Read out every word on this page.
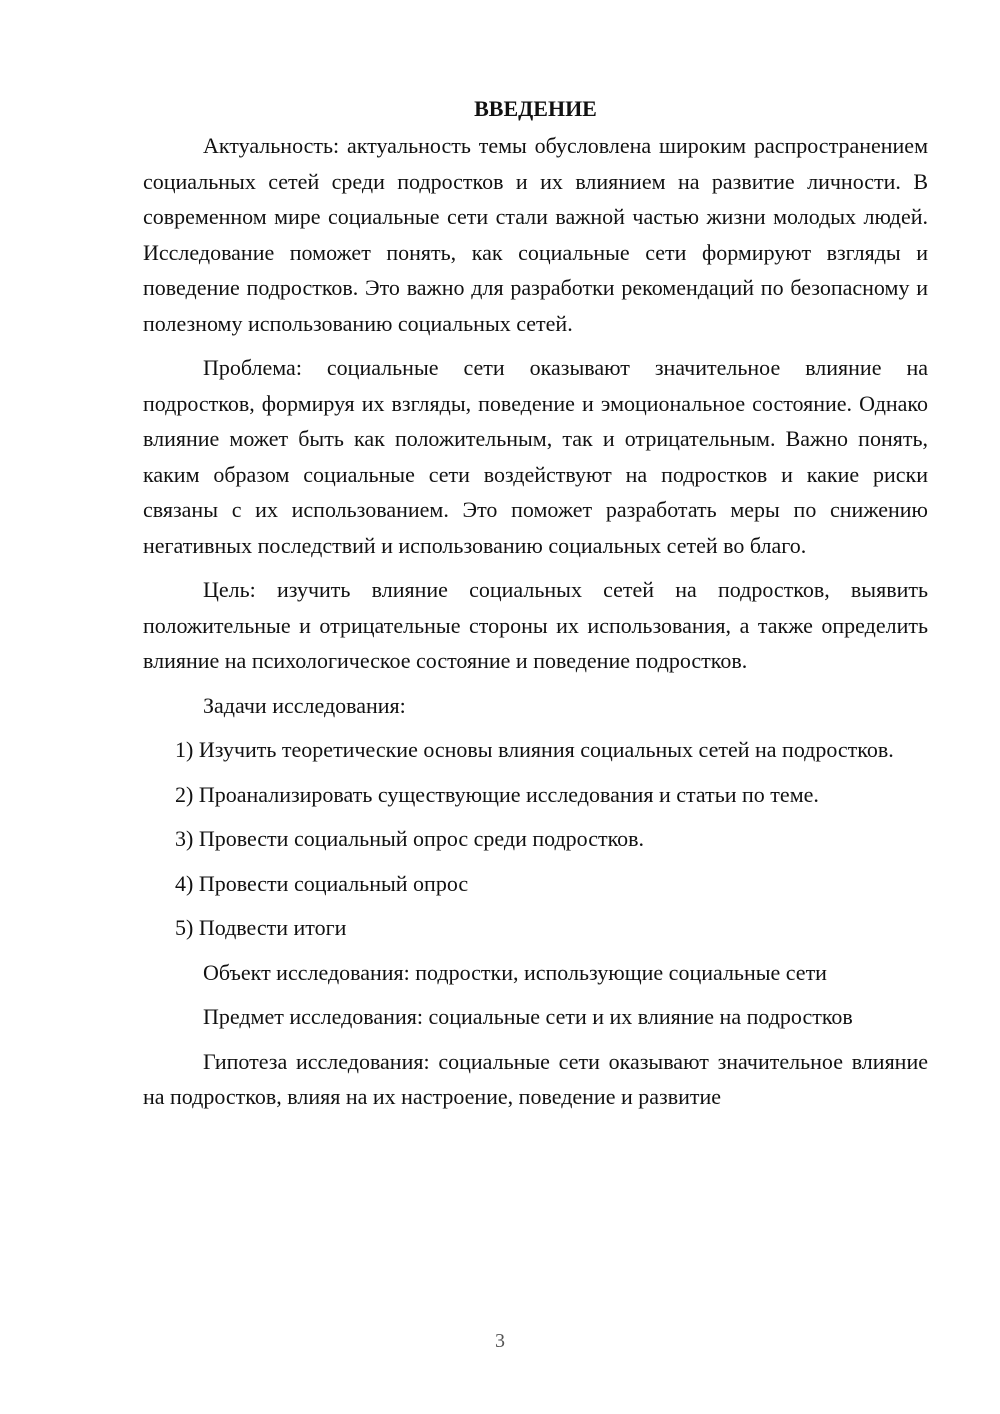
ВВЕДЕНИЕ

Актуальность: актуальность темы обусловлена широким распространением социальных сетей среди подростков и их влиянием на развитие личности. В современном мире социальные сети стали важной частью жизни молодых людей. Исследование поможет понять, как социальные сети формируют взгляды и поведение подростков. Это важно для разработки рекомендаций по безопасному и полезному использованию социальных сетей.

Проблема: социальные сети оказывают значительное влияние на подростков, формируя их взгляды, поведение и эмоциональное состояние. Однако влияние может быть как положительным, так и отрицательным. Важно понять, каким образом социальные сети воздействуют на подростков и какие риски связаны с их использованием. Это поможет разработать меры по снижению негативных последствий и использованию социальных сетей во благо.

Цель: изучить влияние социальных сетей на подростков, выявить положительные и отрицательные стороны их использования, а также определить влияние на психологическое состояние и поведение подростков.

Задачи исследования:

1) Изучить теоретические основы влияния социальных сетей на подростков.

2) Проанализировать существующие исследования и статьи по теме.

3) Провести социальный опрос среди подростков.

4) Провести социальный опрос

5) Подвести итоги

Объект исследования: подростки, использующие социальные сети

Предмет исследования: социальные сети и их влияние на подростков

Гипотеза исследования: социальные сети оказывают значительное влияние на подростков, влияя на их настроение, поведение и развитие

3
